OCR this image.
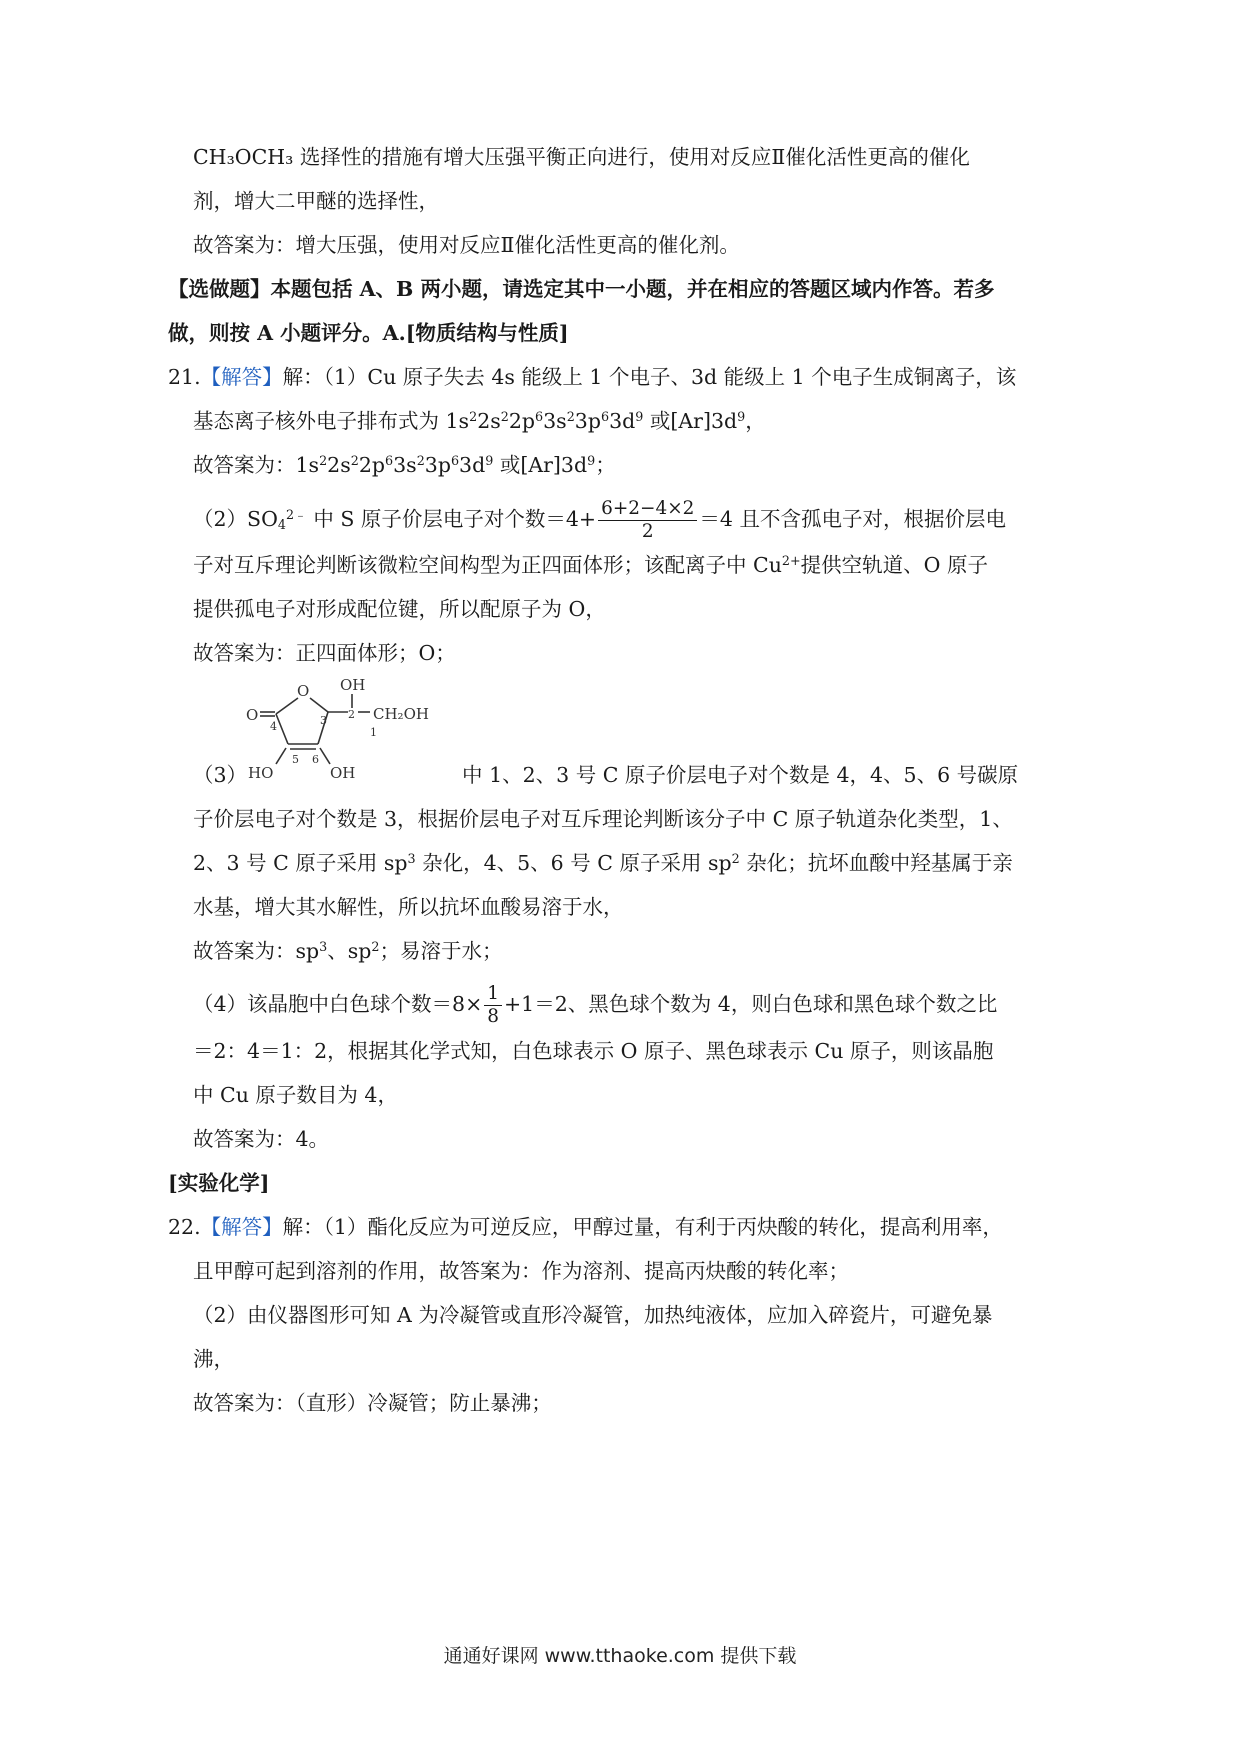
CH₃OCH₃ 选择性的措施有增大压强平衡正向进行，使用对反应Ⅱ催化活性更高的催化
剂，增大二甲醚的选择性，
故答案为：增大压强，使用对反应Ⅱ催化活性更高的催化剂。
【选做题】本题包括 A、B 两小题，请选定其中一小题，并在相应的答题区域内作答。若多
做，则按 A 小题评分。A.[物质结构与性质]
21.【解答】解：（1）Cu 原子失去 4s 能级上 1 个电子、3d 能级上 1 个电子生成铜离子，该
基态离子核外电子排布式为 $1s^22s^22p^63s^23p^63d^9$ 或$[Ar]3d^9$，
故答案为：$1s^22s^22p^63s^23p^63d^9$ 或$[Ar]3d^9$；
$(2)SO_4^{2﹣}$ 中 S 原子价层电子对个数$=4+ \frac{6+2-4\times 2}{2} =4$ 且不含孤电子对，根据价层电
子对互斥理论判断该微粒空间构型为正四面体形；该配离子中 $Cu^{2+}$提供空轨道、O 原子
提供孤电子对形成配位键，所以配原子为 O，
故答案为：正四面体形；O；
OH
O
O	CH₂OH
2
3
4
5 6
1
HO	OH
（3）	中 1、2、3 号 C 原子价层电子对个数是 4，4、5、6 号碳原
子价层电子对个数是 3，根据价层电子对互斥理论判断该分子中 C 原子轨道杂化类型，1、
2、3 号 C 原子采用 $sp^3$ 杂化，4、5、6 号 C 原子采用 $sp^2$ 杂化；抗坏血酸中羟基属于亲
水基，增大其水解性，所以抗坏血酸易溶于水，
故答案为：$sp^3$、$sp^2$；易溶于水；
（4）该晶胞中白色球个数$=8\times \frac{1}{8} +1=2$、黑色球个数为 4，则白色球和黑色球个数之比
＝2：4＝1：2，根据其化学式知，白色球表示 O 原子、黑色球表示 Cu 原子，则该晶胞
中 Cu 原子数目为 4，
故答案为：4。
[实验化学]
22.【解答】解：（1）酯化反应为可逆反应，甲醇过量，有利于丙炔酸的转化，提高利用率，
且甲醇可起到溶剂的作用，故答案为：作为溶剂、提高丙炔酸的转化率；
（2）由仪器图形可知 A 为冷凝管或直形冷凝管，加热纯液体，应加入碎瓷片，可避免暴
沸，
故答案为：（直形）冷凝管；防止暴沸；
通通好课网 www.tthaoke.com 提供下载
